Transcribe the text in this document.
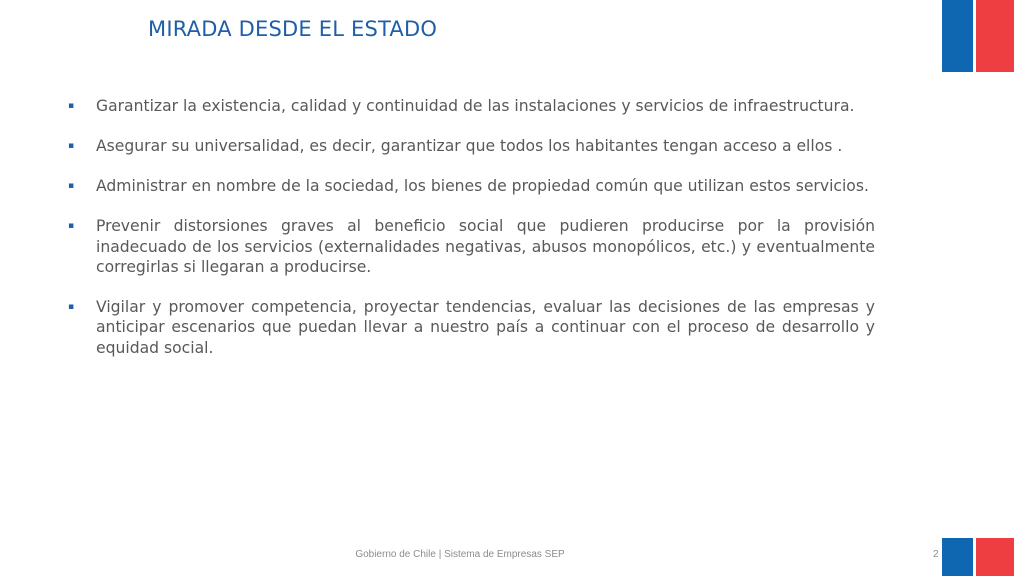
MIRADA DESDE EL ESTADO
▪	Garantizar la existencia, calidad y continuidad de las instalaciones y servicios de infraestructura.
▪	Asegurar su universalidad, es decir, garantizar que todos los habitantes tengan acceso a ellos .
▪	Administrar en nombre de la sociedad, los bienes de propiedad común que utilizan estos servicios.
▪	Prevenir distorsiones graves al beneficio social que pudieren producirse por la provisión inadecuado de los servicios (externalidades negativas, abusos monopólicos, etc.) y eventualmente corregirlas si llegaran a producirse.
▪	Vigilar y promover competencia, proyectar tendencias, evaluar las decisiones de las empresas y anticipar escenarios que puedan llevar a nuestro país a continuar con el proceso de desarrollo y equidad social.
Gobierno de Chile | Sistema de Empresas SEP	2
